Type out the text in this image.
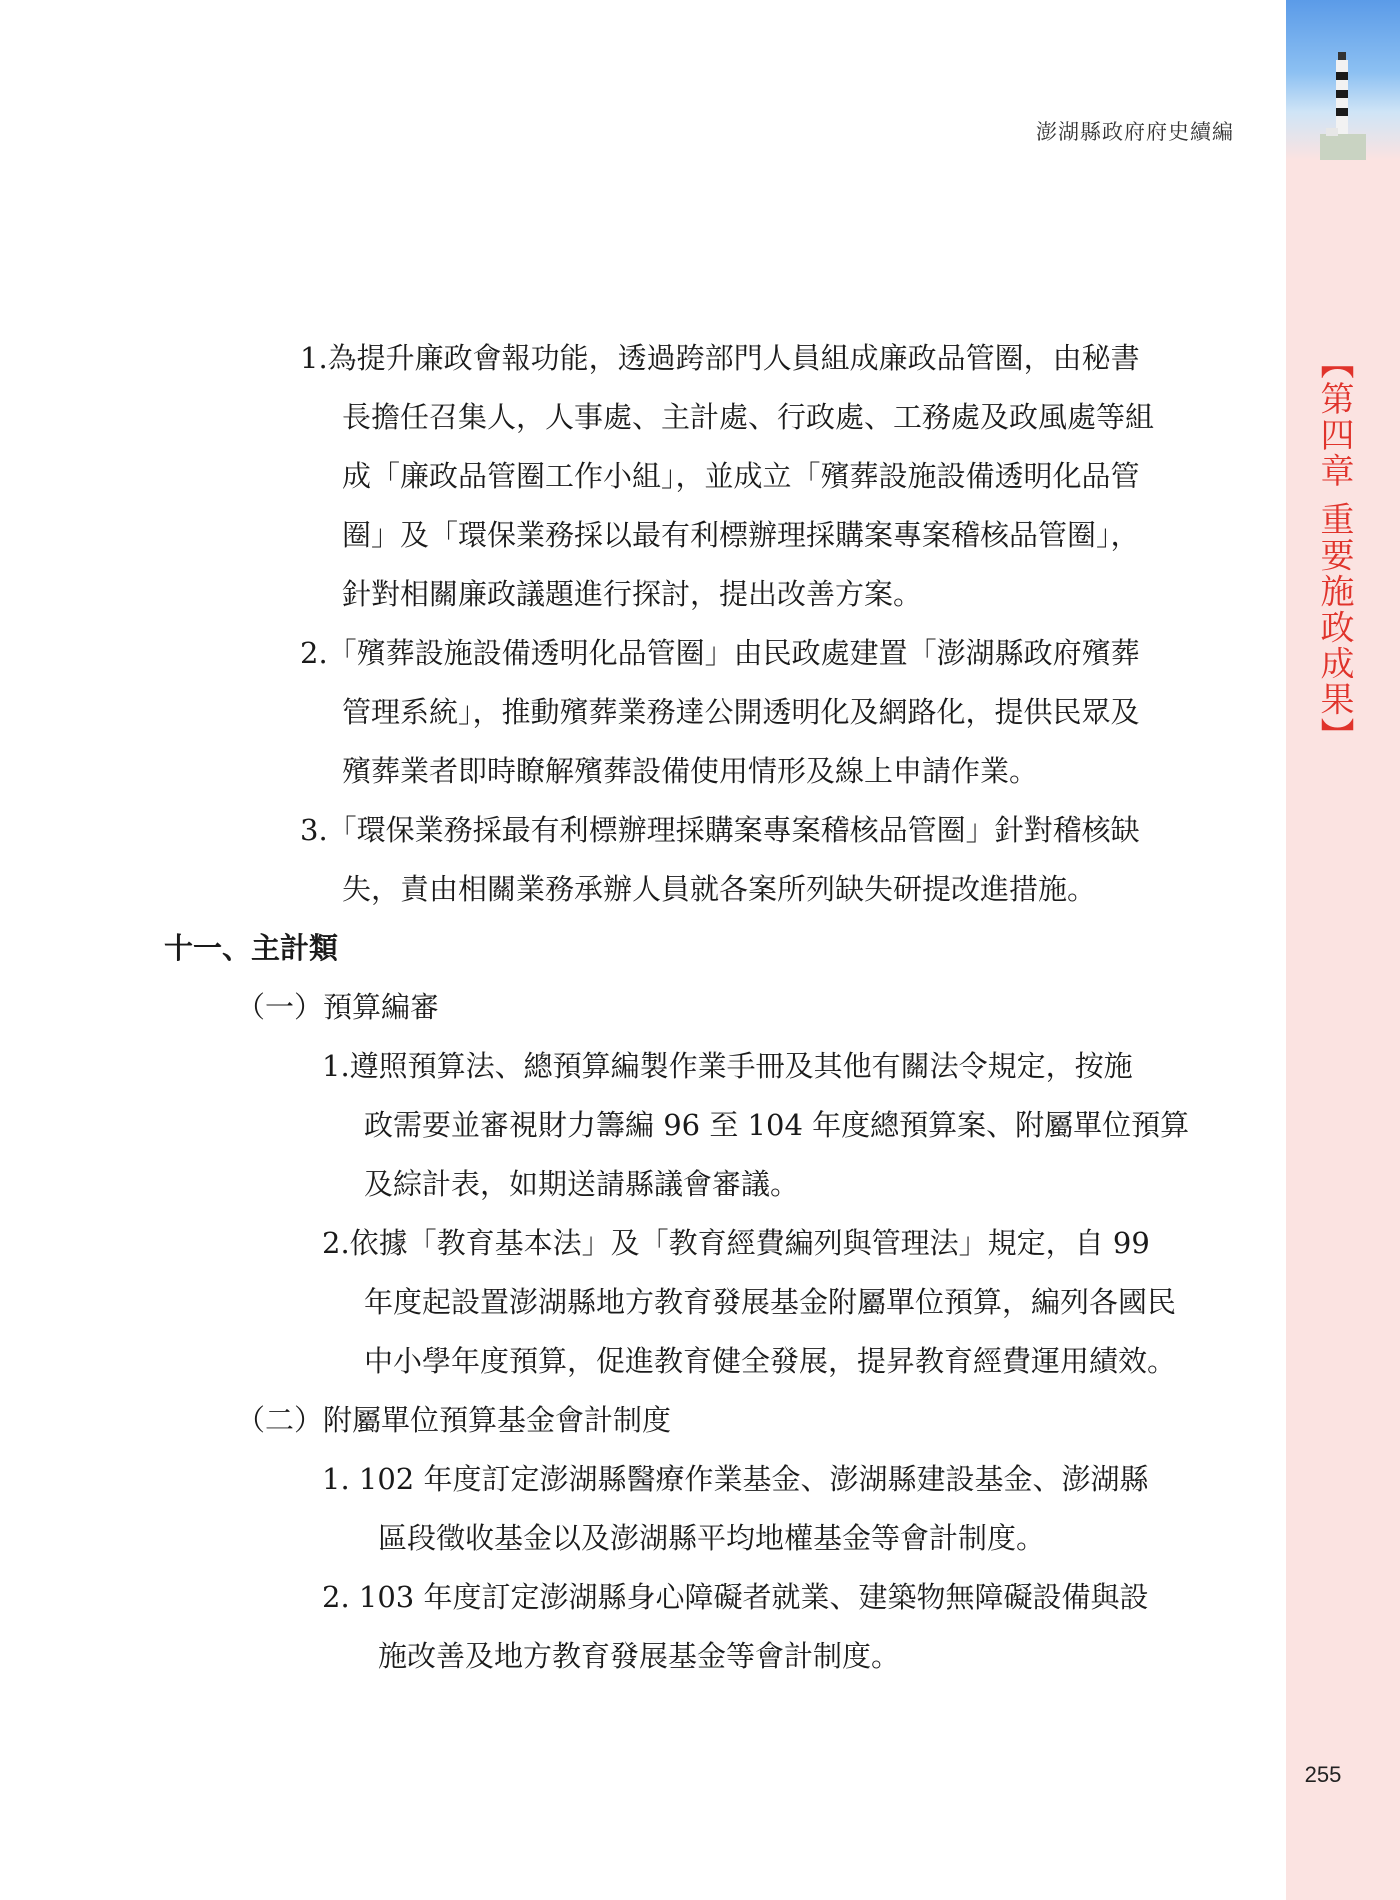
【第四章 重要施政成果】
澎湖縣政府府史續編
255
1.為提升廉政會報功能，透過跨部門人員組成廉政品管圈，由秘書
長擔任召集人，人事處、主計處、行政處、工務處及政風處等組
成「廉政品管圈工作小組」，並成立「殯葬設施設備透明化品管
圈」及「環保業務採以最有利標辦理採購案專案稽核品管圈」，
針對相關廉政議題進行探討，提出改善方案。
2.「殯葬設施設備透明化品管圈」由民政處建置「澎湖縣政府殯葬
管理系統」，推動殯葬業務達公開透明化及網路化，提供民眾及
殯葬業者即時瞭解殯葬設備使用情形及線上申請作業。
3.「環保業務採最有利標辦理採購案專案稽核品管圈」針對稽核缺
失，責由相關業務承辦人員就各案所列缺失研提改進措施。
十一、主計類
（一）預算編審
1.遵照預算法、總預算編製作業手冊及其他有關法令規定，按施
政需要並審視財力籌編 96 至 104 年度總預算案、附屬單位預算
及綜計表，如期送請縣議會審議。
2.依據「教育基本法」及「教育經費編列與管理法」規定，自 99
年度起設置澎湖縣地方教育發展基金附屬單位預算，編列各國民
中小學年度預算，促進教育健全發展，提昇教育經費運用績效。
（二）附屬單位預算基金會計制度
1. 102 年度訂定澎湖縣醫療作業基金、澎湖縣建設基金、澎湖縣
區段徵收基金以及澎湖縣平均地權基金等會計制度。
2. 103 年度訂定澎湖縣身心障礙者就業、建築物無障礙設備與設
施改善及地方教育發展基金等會計制度。
